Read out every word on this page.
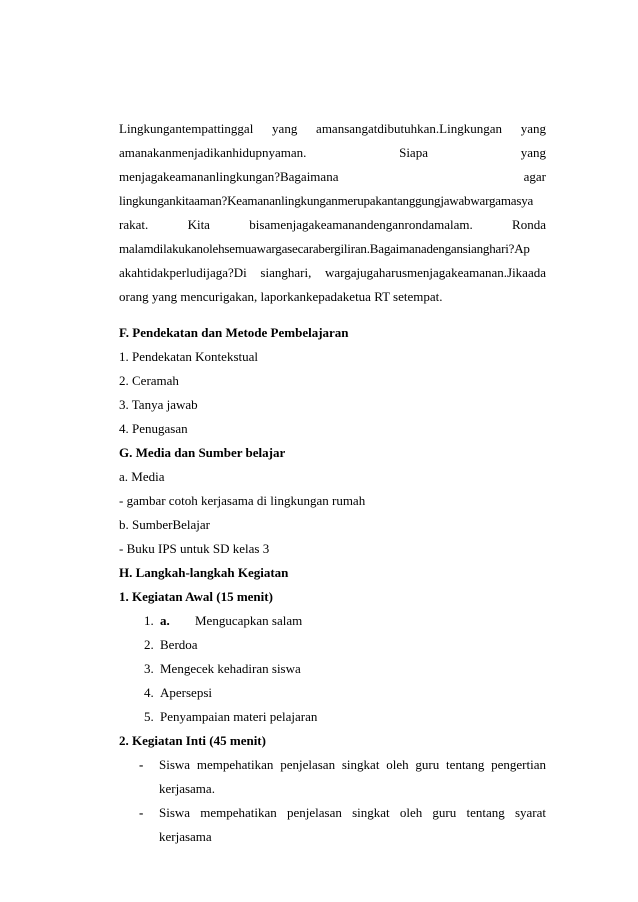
Lingkungantempattinggal yang amansangatdibutuhkan.Lingkungan yang
amanakanmenjadikanhidupnyaman. Siapa yang
menjagakeamananlingkungan?Bagaimana agar
lingkungankitaaman?Keamananlingkunganmerupakantanggungjawabwargamasya
rakat. Kita bisamenjagakeamanandenganrondamalam. Ronda
malamdilakukanolehsemuawargasecarabergiliran.Bagaimanadengansianghari?Ap
akahtidakperludijaga?Di sianghari, wargajugaharusmenjagakeamanan.Jikaada
orang yang mencurigakan, laporkankepadaketua RT setempat.
F. Pendekatan dan Metode Pembelajaran
1. Pendekatan Kontekstual
2. Ceramah
3. Tanya jawab
4. Penugasan
G. Media dan Sumber belajar
a. Media
- gambar cotoh kerjasama di lingkungan rumah
b. SumberBelajar
- Buku IPS untuk SD kelas 3
H. Langkah-langkah Kegiatan
1. Kegiatan Awal (15 menit)
1. a. Mengucapkan salam
2. Berdoa
3. Mengecek kehadiran siswa
4. Apersepsi
5. Penyampaian materi pelajaran
2. Kegiatan Inti (45 menit)
- Siswa mempehatikan penjelasan singkat oleh guru tentang pengertian
kerjasama.
- Siswa mempehatikan penjelasan singkat oleh guru tentang syarat
kerjasama
